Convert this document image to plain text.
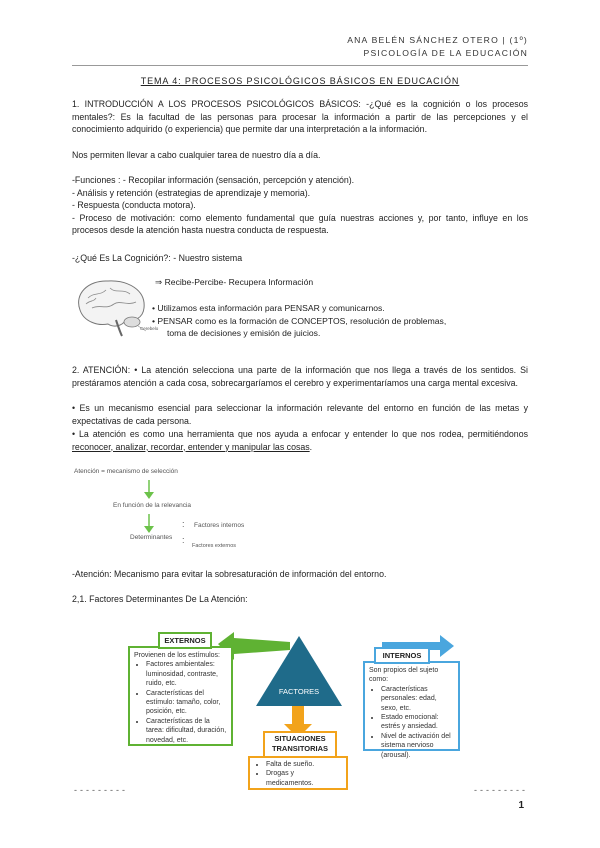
ANA BELÉN SÁNCHEZ OTERO | (1º)
PSICOLOGÍA DE LA EDUCACIÓN
TEMA 4: PROCESOS PSICOLÓGICOS BÁSICOS EN EDUCACIÓN

1. INTRODUCCIÓN A LOS PROCESOS PSICOLÓGICOS BÁSICOS: -¿Qué es la cognición o los procesos mentales?: Es la facultad de las personas para procesar la información a partir de las percepciones y el conocimiento adquirido (o experiencia) que permite dar una interpretación a la información.

Nos permiten llevar a cabo cualquier tarea de nuestro día a día.

-Funciones : - Recopilar información (sensación, percepción y atención).
- Análisis y retención (estrategias de aprendizaje y memoria).
- Respuesta (conducta motora).
- Proceso de motivación: como elemento fundamental que guía nuestras acciones y, por tanto, influye en los procesos desde la atención hasta nuestra conducta de respuesta.
-¿Qué Es La Cognición?: - Nuestro sistema
Cerebelo
⇒ Recibe-Percibe- Recupera Información
• Utilizamos esta información para PENSAR y comunicarnos.
• PENSAR como es la formación de CONCEPTOS, resolución de problemas,
toma de decisiones y emisión de juicios.

2. ATENCIÓN: • La atención selecciona una parte de la información que nos llega a través de los sentidos. Si prestáramos atención a cada cosa, sobrecargaríamos el cerebro y experimentaríamos una carga mental excesiva.

• Es un mecanismo esencial para seleccionar la información relevante del entorno en función de las metas y expectativas de cada persona.

• La atención es como una herramienta que nos ayuda a enfocar y entender lo que nos rodea, permitiéndonos reconocer, analizar, recordar, entender y manipular las cosas.

Atención = mecanismo de selección
En función de la relevancia
Determinantes
:
:
Factores internos
Factores externos
-Atención: Mecanismo para evitar la sobresaturación de información del entorno.
2,1. Factores Determinantes De La Atención:
FACTORES
Provienen de los estímulos:
• Factores ambientales: luminosidad, contraste, ruido, etc.
• Características del estímulo: tamaño, color, posición, etc.
• Características de la tarea: dificultad, duración, novedad, etc.
EXTERNOS
Son propios del sujeto como:
• Características personales: edad, sexo, etc.
• Estado emocional: estrés y ansiedad.
• Nivel de activación del sistema nervioso (arousal).
INTERNOS
SITUACIONES TRANSITORIAS
• Falta de sueño.
• Drogas y medicamentos.
---------	---------
1
